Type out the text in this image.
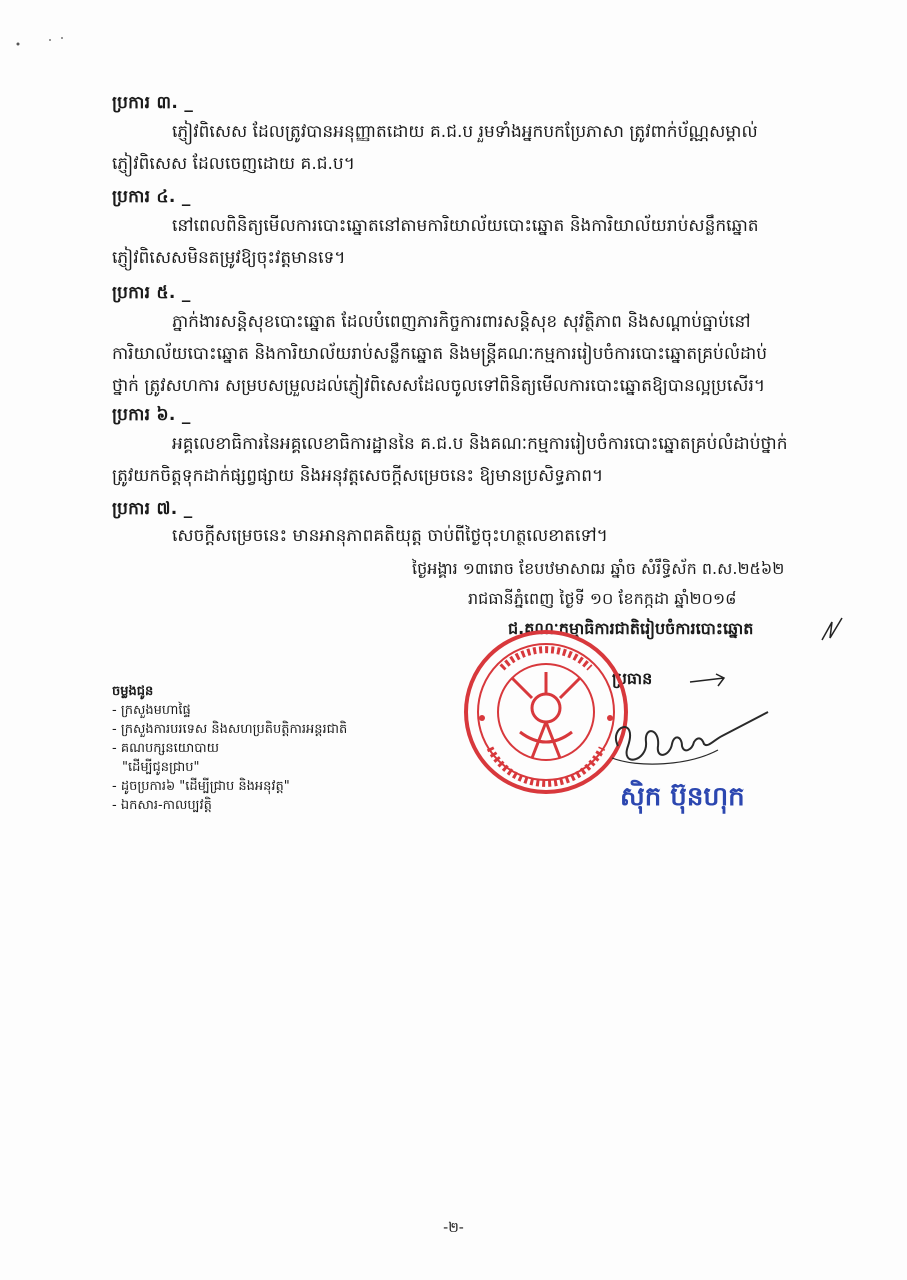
ប្រការ ៣. _
ភ្ញៀវពិសេស ដែលត្រូវបានអនុញ្ញាតដោយ គ.ជ.ប រួមទាំងអ្នកបកប្រែភាសា ត្រូវពាក់ប័ណ្ណសម្គាល់
ភ្ញៀវពិសេស ដែលចេញដោយ គ.ជ.ប។
ប្រការ ៤. _
នៅពេលពិនិត្យមើលការបោះឆ្នោតនៅតាមការិយាល័យបោះឆ្នោត និងការិយាល័យរាប់សន្លឹកឆ្នោត
ភ្ញៀវពិសេសមិនតម្រូវឱ្យចុះវត្តមានទេ។
ប្រការ ៥. _
ភ្នាក់ងារសន្តិសុខបោះឆ្នោត ដែលបំពេញភារកិច្ចការពារសន្តិសុខ សុវត្ថិភាព និងសណ្តាប់ធ្នាប់នៅ
ការិយាល័យបោះឆ្នោត និងការិយាល័យរាប់សន្លឹកឆ្នោត និងមន្ត្រីគណៈកម្មការរៀបចំការបោះឆ្នោតគ្រប់លំដាប់
ថ្នាក់ ត្រូវសហការ សម្របសម្រួលដល់ភ្ញៀវពិសេសដែលចូលទៅពិនិត្យមើលការបោះឆ្នោតឱ្យបានល្អប្រសើរ។
ប្រការ ៦. _
អគ្គលេខាធិការនៃអគ្គលេខាធិការដ្ឋាននៃ គ.ជ.ប និងគណៈកម្មការរៀបចំការបោះឆ្នោតគ្រប់លំដាប់ថ្នាក់
ត្រូវយកចិត្តទុកដាក់ផ្សព្វផ្សាយ និងអនុវត្តសេចក្តីសម្រេចនេះ ឱ្យមានប្រសិទ្ធភាព។
ប្រការ ៧. _
សេចក្តីសម្រេចនេះ មានអានុភាពគតិយុត្ត ចាប់ពីថ្ងៃចុះហត្ថលេខាតទៅ។
ថ្ងៃអង្គារ ១៣រោច ខែបឋមាសាឍ ឆ្នាំច សំរឹទ្ធិស័ក ព.ស.២៥៦២
រាជធានីភ្នំពេញ ថ្ងៃទី ១០ ខែកក្កដា ឆ្នាំ២០១៨
ជ.គណៈកម្មាធិការជាតិរៀបចំការបោះឆ្នោត
ប្រធាន
ស៊ិក ប៊ុនហុក
ចម្លងជូន
- ក្រសួងមហាផ្ទៃ
- ក្រសួងការបរទេស និងសហប្រតិបត្តិការអន្តរជាតិ
- គណបក្សនយោបាយ
"ដើម្បីជូនជ្រាប"
- ដូចប្រការ៦ "ដើម្បីជ្រាប និងអនុវត្ត"
- ឯកសារ-កាលប្បវត្តិ
-២-
